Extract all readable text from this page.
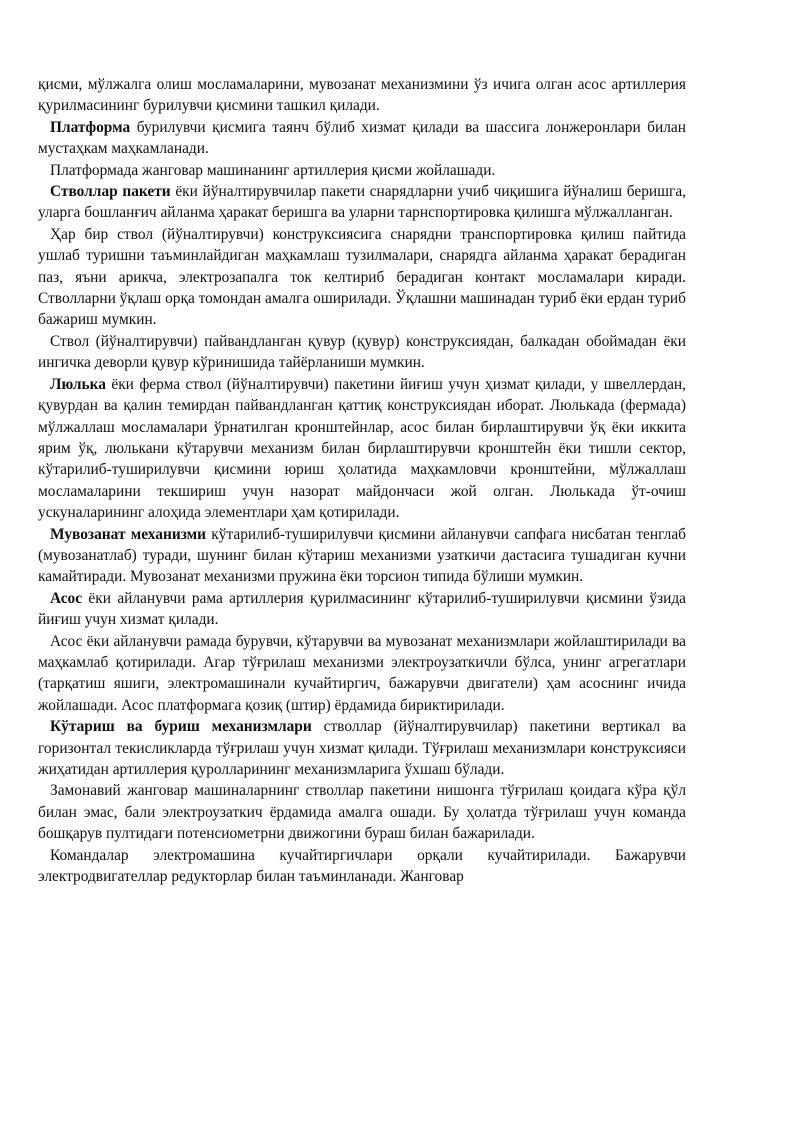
қисми, мўлжалга олиш мосламаларини, мувозанат механизмини ўз ичига олган асос артиллерия қурилмасининг бурилувчи қисмини ташкил қилади.

Платформа бурилувчи қисмига таянч бўлиб хизмат қилади ва шассига лонжеронлари билан мустаҳкам маҳкамланади.

Платформада жанговар машинанинг артиллерия қисми жойлашади.

Стволлар пакети ёки йўналтирувчилар пакети снарядларни учиб чиқишига йўналиш беришга, уларга бошланғич айланма ҳаракат беришга ва уларни тарнспортировка қилишга мўлжалланган.

Ҳар бир ствол (йўналтирувчи) конструксиясига снарядни транспортировка қилиш пайтида ушлаб туришни таъминлайдиган маҳкамлаш тузилмалари, снарядга айланма ҳаракат берадиган паз, яъни арикча, электрозапалга ток келтириб берадиган контакт мосламалари киради. Стволларни ўқлаш орқа томондан амалга оширилади. Ўқлашни машинадан туриб ёки ердан туриб бажариш мумкин.

Ствол (йўналтирувчи) пайвандланган қувур (қувур) конструксиядан, балкадан обоймадан ёки ингичка деворли қувур кўринишида тайёрланиши мумкин.

Люлька ёки ферма ствол (йўналтирувчи) пакетини йиғиш учун ҳизмат қилади, у швеллердан, қувурдан ва қалин темирдан пайвандланган қаттиқ конструксиядан иборат. Люлькада (фермада) мўлжаллаш мосламалари ўрнатилган кронштейнлар, асос билан бирлаштирувчи ўқ ёки иккита ярим ўқ, люлькани кўтарувчи механизм билан бирлаштирувчи кронштейн ёки тишли сектор, кўтарилиб-туширилувчи қисмини юриш ҳолатида маҳкамловчи кронштейни, мўлжаллаш мосламаларини текшириш учун назорат майдончаси жой олган. Люлькада ўт-очиш ускуналарининг алоҳида элементлари ҳам қотирилади.

Мувозанат механизми кўтарилиб-туширилувчи қисмини айланувчи сапфага нисбатан тенглаб (мувозанатлаб) туради, шунинг билан кўтариш механизми узаткичи дастасига тушадиган кучни камайтиради. Мувозанат механизми пружина ёки торсион типида бўлиши мумкин.

Асос ёки айланувчи рама артиллерия қурилмасининг кўтарилиб-туширилувчи қисмини ўзида йиғиш учун хизмат қилади.

Асос ёки айланувчи рамада бурувчи, кўтарувчи ва мувозанат механизмлари жойлаштирилади ва маҳкамлаб қотирилади. Агар тўғрилаш механизми электроузаткичли бўлса, унинг агрегатлари (тарқатиш яшиги, электромашинали кучайтиргич, бажарувчи двигатели) ҳам асоснинг ичида жойлашади. Асос платформага қозиқ (штир) ёрдамида бириктирилади.

Кўтариш ва буриш механизмлари стволлар (йўналтирувчилар) пакетини вертикал ва горизонтал текисликларда тўғрилаш учун хизмат қилади. Тўғрилаш механизмлари конструксияси жиҳатидан артиллерия қуролларининг механизмларига ўхшаш бўлади.

Замонавий жанговар машиналарнинг стволлар пакетини нишонга тўғрилаш қоидага кўра қўл билан эмас, бали электроузаткич ёрдамида амалга ошади. Бу ҳолатда тўғрилаш учун команда бошқарув пултидаги потенсиометрни движогини бураш билан бажарилади.

Командалар электромашина кучайтиргичлари орқали кучайтирилади. Бажарувчи электродвигателлар редукторлар билан таъминланади. Жанговар
